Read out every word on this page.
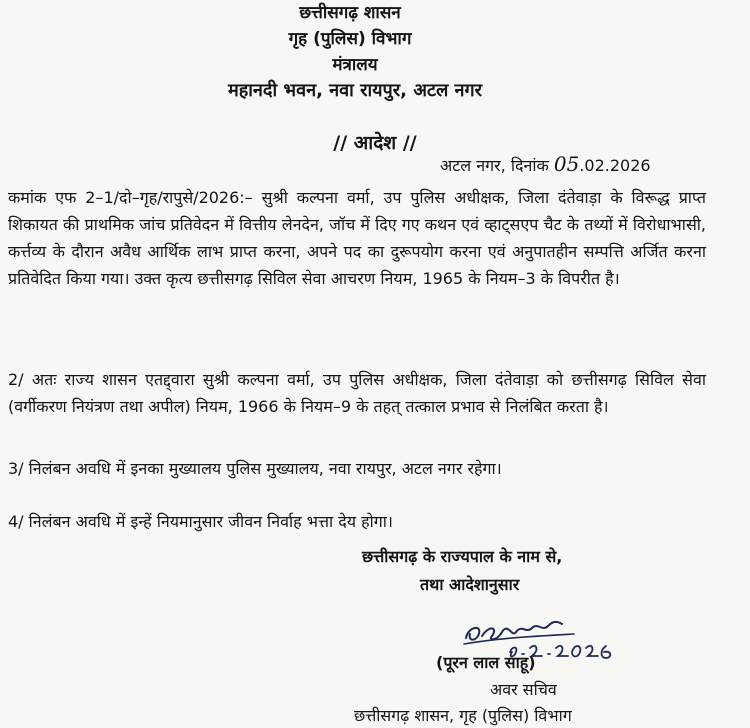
छत्तीसगढ़ शासन
गृह (पुलिस) विभाग
मंत्रालय
महानदी भवन, नवा रायपुर, अटल नगर
// आदेश //
अटल नगर, दिनांक 05.02.2026
कमांक एफ 2–1/दो–गृह/रापुसे/2026:– सुश्री कल्पना वर्मा, उप पुलिस अधीक्षक, जिला दंतेवाड़ा के विरूद्ध प्राप्त शिकायत की प्राथमिक जांच प्रतिवेदन में वित्तीय लेनदेन, जॉच में दिए गए कथन एवं व्हाट्सएप चैट के तथ्यों में विरोधाभासी, कर्त्तव्य के दौरान अवैध आर्थिक लाभ प्राप्त करना, अपने पद का दुरूपयोग करना एवं अनुपातहीन सम्पत्ति अर्जित करना प्रतिवेदित किया गया। उक्त कृत्य छत्तीसगढ़ सिविल सेवा आचरण नियम, 1965 के नियम–3 के विपरीत है।
2/ अतः राज्य शासन एतद्द्वारा सुश्री कल्पना वर्मा, उप पुलिस अधीक्षक, जिला दंतेवाड़ा को छत्तीसगढ़ सिविल सेवा (वर्गीकरण नियंत्रण तथा अपील) नियम, 1966 के नियम–9 के तहत् तत्काल प्रभाव से निलंबित करता है।
3/ निलंबन अवधि में इनका मुख्यालय पुलिस मुख्यालय, नवा रायपुर, अटल नगर रहेगा।
4/ निलंबन अवधि में इन्हें नियमानुसार जीवन निर्वाह भत्ता देय होगा।
छत्तीसगढ़ के राज्यपाल के नाम से,
तथा आदेशानुसार
(पूरन लाल साहू)
अवर सचिव
छत्तीसगढ़ शासन, गृह (पुलिस) विभाग
